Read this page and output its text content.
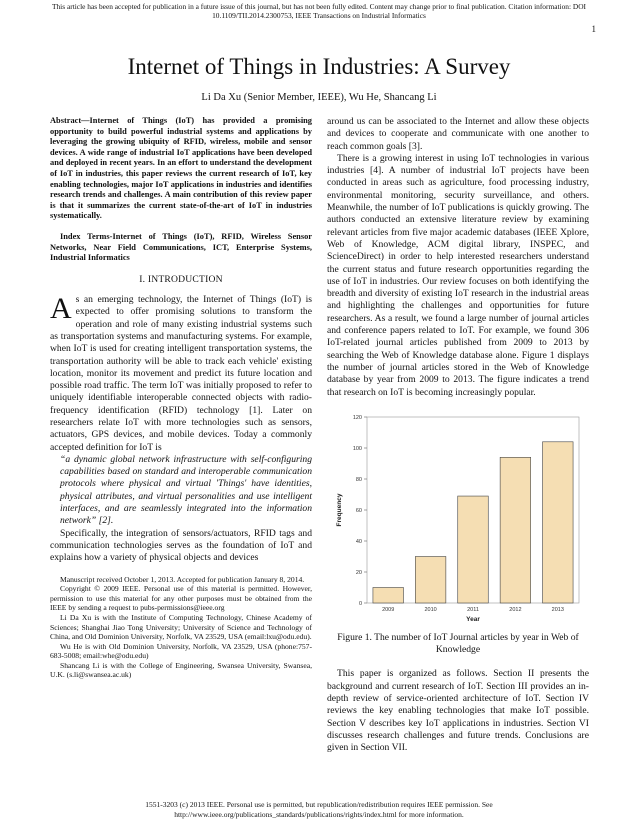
This article has been accepted for publication in a future issue of this journal, but has not been fully edited. Content may change prior to final publication. Citation information: DOI
10.1109/TII.2014.2300753, IEEE Transactions on Industrial Informatics
1
Internet of Things in Industries: A Survey
Li Da Xu (Senior Member, IEEE), Wu He, Shancang Li

Abstract—Internet of Things (IoT) has provided a promising opportunity to build powerful industrial systems and applications by leveraging the growing ubiquity of RFID, wireless, mobile and sensor devices. A wide range of industrial IoT applications have been developed and deployed in recent years. In an effort to understand the development of IoT in industries, this paper reviews the current research of IoT, key enabling technologies, major IoT applications in industries and identifies research trends and challenges. A main contribution of this review paper is that it summarizes the current state-of-the-art of IoT in industries systematically.

Index Terms-Internet of Things (IoT), RFID, Wireless Sensor Networks, Near Field Communications, ICT, Enterprise Systems, Industrial Informatics

I. INTRODUCTION

As an emerging technology, the Internet of Things (IoT) is expected to offer promising solutions to transform the operation and role of many existing industrial systems such as transportation systems and manufacturing systems. For example, when IoT is used for creating intelligent transportation systems, the transportation authority will be able to track each vehicle' existing location, monitor its movement and predict its future location and possible road traffic. The term IoT was initially proposed to refer to uniquely identifiable interoperable connected objects with radio-frequency identification (RFID) technology [1]. Later on researchers relate IoT with more technologies such as sensors, actuators, GPS devices, and mobile devices. Today a commonly accepted definition for IoT is

“a dynamic global network infrastructure with self-configuring capabilities based on standard and interoperable communication protocols where physical and virtual 'Things' have identities, physical attributes, and virtual personalities and use intelligent interfaces, and are seamlessly integrated into the information network” [2].

Specifically, the integration of sensors/actuators, RFID tags and communication technologies serves as the foundation of IoT and explains how a variety of physical objects and devices

Manuscript received October 1, 2013. Accepted for publication January 8, 2014.

Copyright © 2009 IEEE. Personal use of this material is permitted. However, permission to use this material for any other purposes must be obtained from the IEEE by sending a request to pubs-permissions@ieee.org

Li Da Xu is with the Institute of Computing Technology, Chinese Academy of Sciences; Shanghai Jiao Tong University; University of Science and Technology of China, and Old Dominion University, Norfolk, VA 23529, USA (email:lxu@odu.edu).

Wu He is with Old Dominion University, Norfolk, VA 23529, USA (phone:757-683-5008; email:whe@odu.edu)

Shancang Li is with the College of Engineering, Swansea University, Swansea, U.K. (s.li@swansea.ac.uk)

around us can be associated to the Internet and allow these objects and devices to cooperate and communicate with one another to reach common goals [3].

There is a growing interest in using IoT technologies in various industries [4]. A number of industrial IoT projects have been conducted in areas such as agriculture, food processing industry, environmental monitoring, security surveillance, and others. Meanwhile, the number of IoT publications is quickly growing. The authors conducted an extensive literature review by examining relevant articles from five major academic databases (IEEE Xplore, Web of Knowledge, ACM digital library, INSPEC, and ScienceDirect) in order to help interested researchers understand the current status and future research opportunities regarding the use of IoT in industries. Our review focuses on both identifying the breadth and diversity of existing IoT research in the industrial areas and highlighting the challenges and opportunities for future researchers. As a result, we found a large number of journal articles and conference papers related to IoT. For example, we found 306 IoT-related journal articles published from 2009 to 2013 by searching the Web of Knowledge database alone. Figure 1 displays the number of journal articles stored in the Web of Knowledge database by year from 2009 to 2013. The figure indicates a trend that research on IoT is becoming increasingly popular.

0
20
40
60
80
100
120
2009	2010	2011	2012	2013
Year
Frequency
Figure 1. The number of IoT Journal articles by year in Web of Knowledge

This paper is organized as follows. Section II presents the background and current research of IoT. Section III provides an in-depth review of service-oriented architecture of IoT. Section IV reviews the key enabling technologies that make IoT possible. Section V describes key IoT applications in industries. Section VI discusses research challenges and future trends. Conclusions are given in Section VII.

1551-3203 (c) 2013 IEEE. Personal use is permitted, but republication/redistribution requires IEEE permission. See
http://www.ieee.org/publications_standards/publications/rights/index.html for more information.
